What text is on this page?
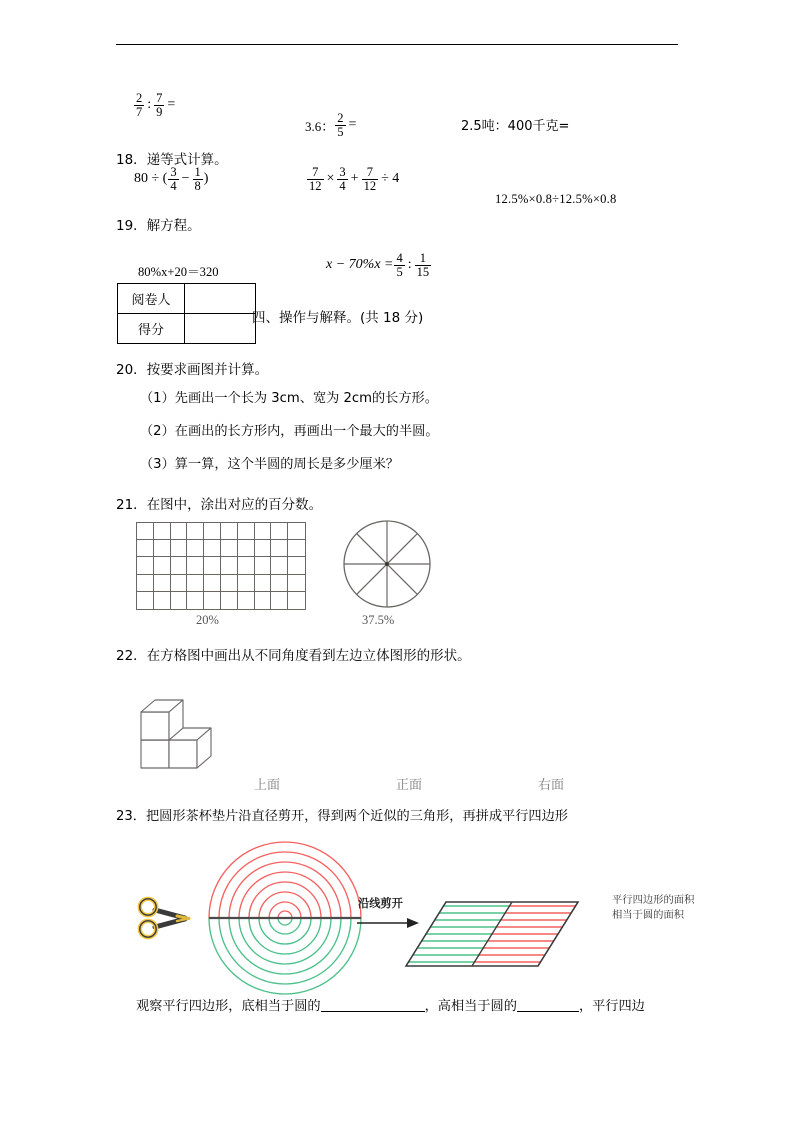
$\frac{2}{7}$ : $\frac{7}{9}$ =
3.6： $\frac{2}{5}$ =	2.5吨：400千克=
18．递等式计算。
80 ÷ ( $\frac{3}{4} - \frac{1}{8}$ )	$\frac{7}{12} \times \frac{3}{4} + \frac{7}{12} \div 4$
12.5%×0.8÷12.5%×0.8
19．解方程。
$x - 70\%x = \frac{4}{5}$ : $\frac{1}{15}$
80%x+20＝320
阅卷人	
得分	
四、操作与解释。(共 18 分)
20．按要求画图并计算。
（1）先画出一个长为 3cm、宽为 2cm的长方形。
（2）在画出的长方形内，再画出一个最大的半圆。
（3）算一算，这个半圆的周长是多少厘米？
21．在图中，涂出对应的百分数。
20%	37.5%
22．在方格图中画出从不同角度看到左边立体图形的形状。
上面	正面	右面
23．把圆形茶杯垫片沿直径剪开，得到两个近似的三角形，再拼成平行四边形
沿线剪开	平行四边形的面积
相当于圆的面积
观察平行四边形，底相当于圆的	，高相当于圆的	，平行四边
